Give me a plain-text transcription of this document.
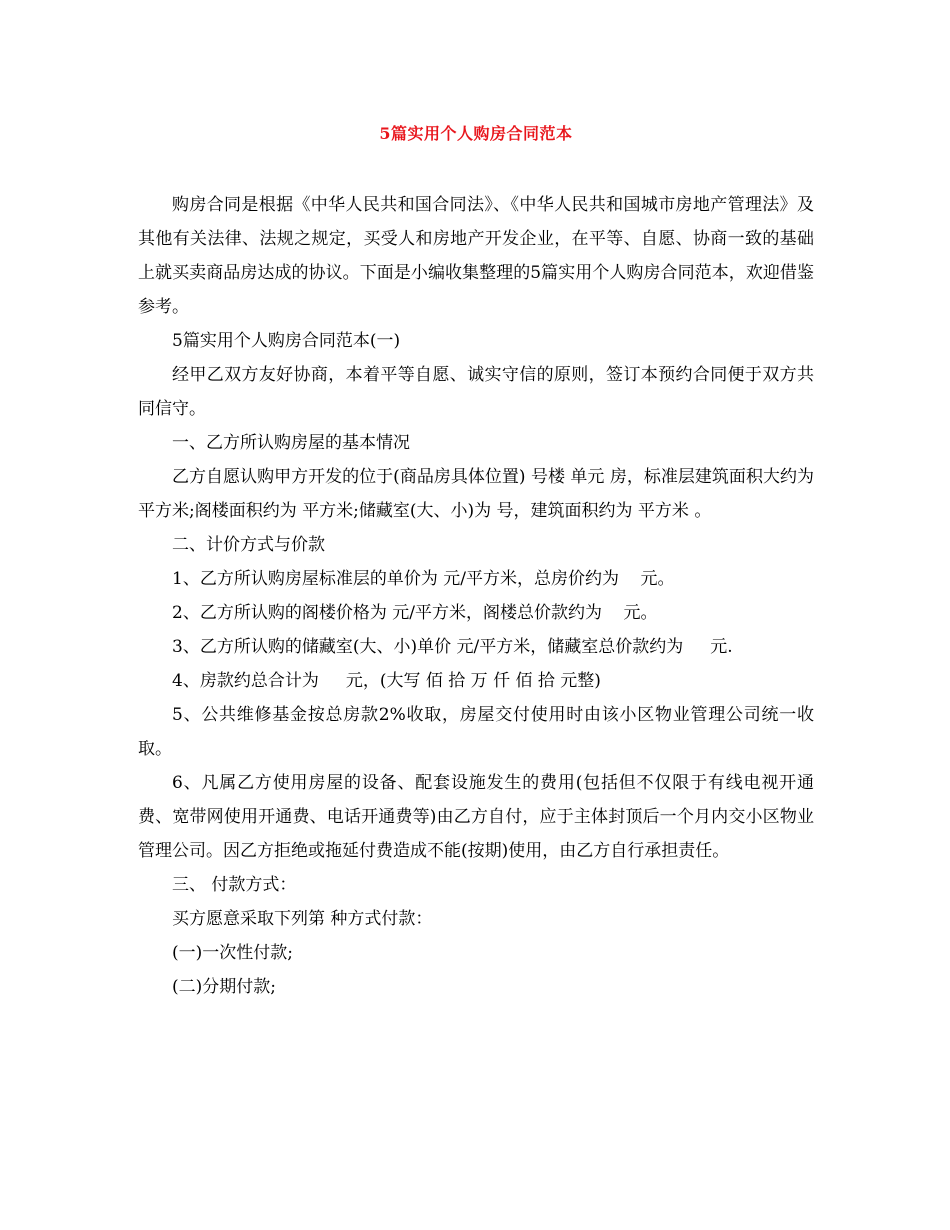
5篇实用个人购房合同范本

购房合同是根据《中华人民共和国合同法》、《中华人民共和国城市房地产管理法》及其他有关法律、法规之规定，买受人和房地产开发企业，在平等、自愿、协商一致的基础上就买卖商品房达成的协议。下面是小编收集整理的5篇实用个人购房合同范本，欢迎借鉴参考。

5篇实用个人购房合同范本(一)

经甲乙双方友好协商，本着平等自愿、诚实守信的原则，签订本预约合同便于双方共同信守。

一、乙方所认购房屋的基本情况

乙方自愿认购甲方开发的位于(商品房具体位置) 号楼 单元 房，标准层建筑面积大约为 平方米;阁楼面积约为 平方米;储藏室(大、小)为 号，建筑面积约为 平方米 。

二、计价方式与价款

1、乙方所认购房屋标准层的单价为 元/平方米，总房价约为    元。

2、乙方所认购的阁楼价格为 元/平方米，阁楼总价款约为    元。

3、乙方所认购的储藏室(大、小)单价 元/平方米，储藏室总价款约为     元.

4、房款约总合计为     元，(大写 佰 拾 万 仟 佰 拾 元整)

5、公共维修基金按总房款2%收取，房屋交付使用时由该小区物业管理公司统一收取。

6、凡属乙方使用房屋的设备、配套设施发生的费用(包括但不仅限于有线电视开通费、宽带网使用开通费、电话开通费等)由乙方自付，应于主体封顶后一个月内交小区物业管理公司。因乙方拒绝或拖延付费造成不能(按期)使用，由乙方自行承担责任。

三、 付款方式：

买方愿意采取下列第 种方式付款：

(一)一次性付款;

(二)分期付款;
